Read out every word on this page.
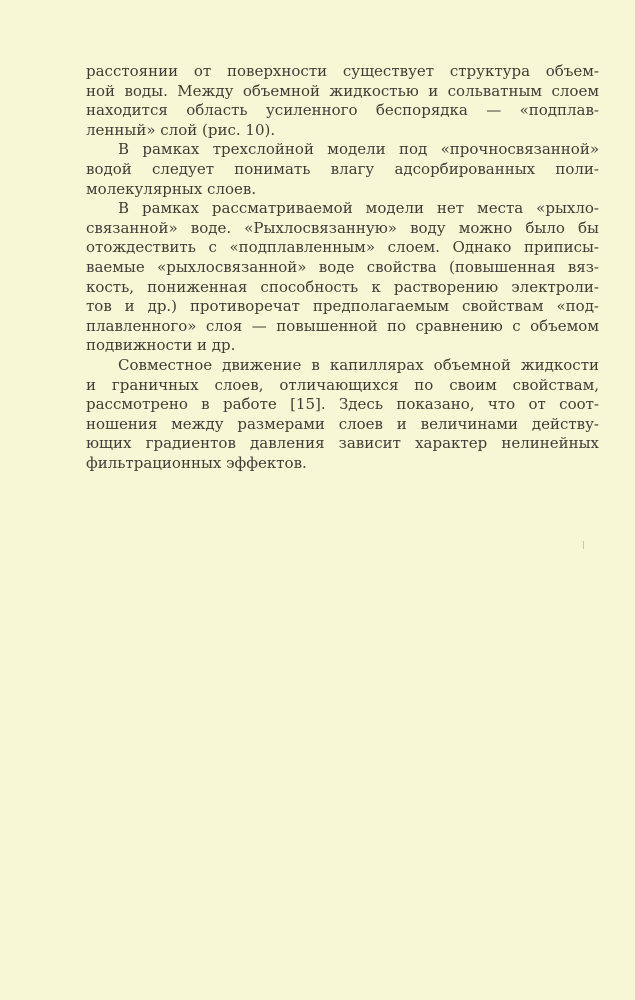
расстоянии от поверхности существует структура объем-
ной воды. Между объемной жидкостью и сольватным слоем
находится область усиленного беспорядка — «подплав-
ленный» слой (рис. 10).
В рамках трехслойной модели под «прочносвязанной»
водой следует понимать влагу адсорбированных поли-
молекулярных слоев.
В рамках рассматриваемой модели нет места «рыхло-
связанной» воде. «Рыхлосвязанную» воду можно было бы
отождествить с «подплавленным» слоем. Однако приписы-
ваемые «рыхлосвязанной» воде свойства (повышенная вяз-
кость, пониженная способность к растворению электроли-
тов и др.) противоречат предполагаемым свойствам «под-
плавленного» слоя — повышенной по сравнению с объемом
подвижности и др.
Совместное движение в капиллярах объемной жидкости
и граничных слоев, отличающихся по своим свойствам,
рассмотрено в работе [15]. Здесь показано, что от соот-
ношения между размерами слоев и величинами действу-
ющих градиентов давления зависит характер нелинейных
фильтрационных эффектов.
